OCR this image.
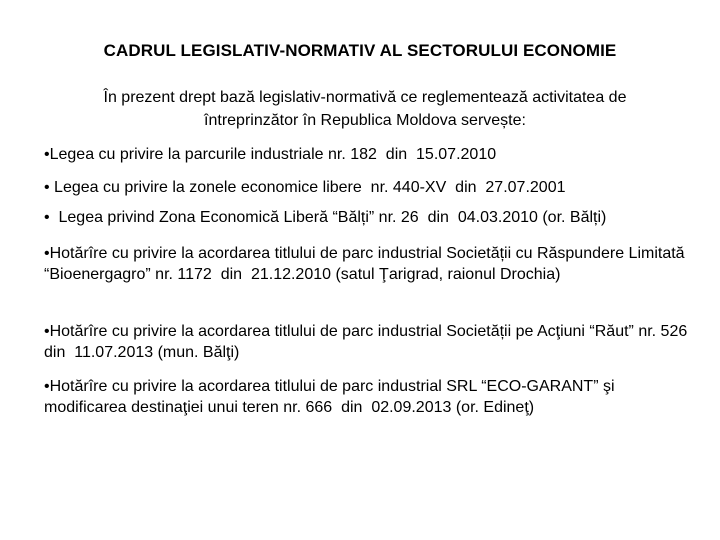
CADRUL LEGISLATIV-NORMATIV AL SECTORULUI ECONOMIE
În prezent drept bază legislativ-normativă ce reglementează activitatea de întreprinzător în Republica Moldova servește:
•Legea cu privire la parcurile industriale nr. 182  din  15.07.2010
• Legea cu privire la zonele economice libere  nr. 440-XV  din  27.07.2001
•  Legea privind Zona Economică Liberă “Bălți” nr. 26  din  04.03.2010 (or. Bălți)
•Hotărîre cu privire la acordarea titlului de parc industrial Societății cu Răspundere Limitată “Bioenergagro” nr. 1172  din  21.12.2010 (satul Ţarigrad, raionul Drochia)
•Hotărîre cu privire la acordarea titlului de parc industrial Societății pe Acţiuni “Răut” nr. 526  din  11.07.2013 (mun. Bălţi)
•Hotărîre cu privire la acordarea titlului de parc industrial SRL “ECO-GARANT” şi modificarea destinaţiei unui teren nr. 666  din  02.09.2013 (or. Edineţ)
